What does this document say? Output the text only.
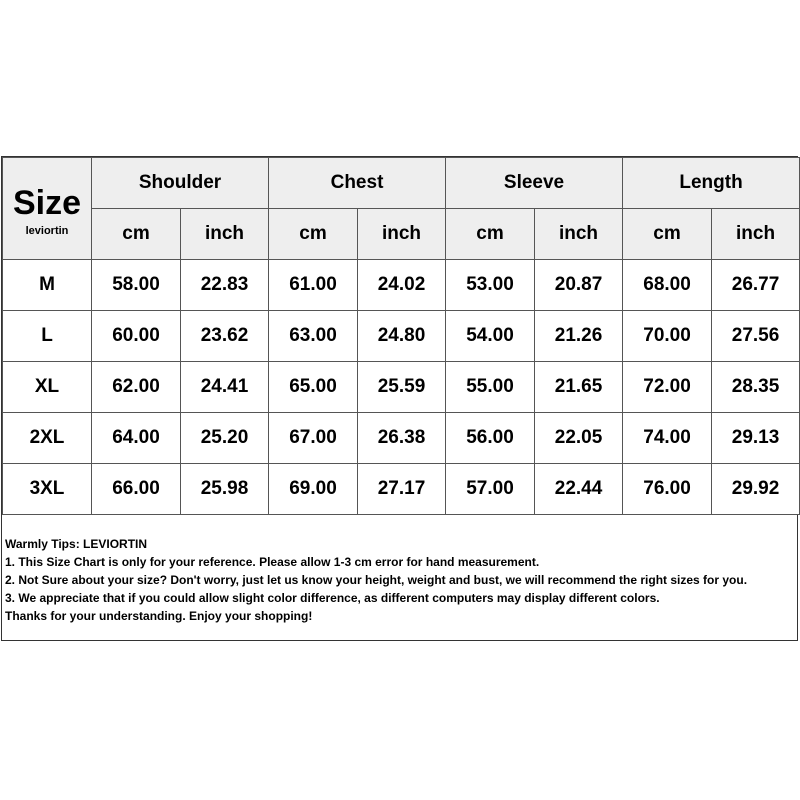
Size
leviortin	Shoulder		Chest		Sleeve		Length	
	cm	inch	cm	inch	cm	inch	cm	inch
M	58.00	22.83	61.00	24.02	53.00	20.87	68.00	26.77
L	60.00	23.62	63.00	24.80	54.00	21.26	70.00	27.56
XL	62.00	24.41	65.00	25.59	55.00	21.65	72.00	28.35
2XL	64.00	25.20	67.00	26.38	56.00	22.05	74.00	29.13
3XL	66.00	25.98	69.00	27.17	57.00	22.44	76.00	29.92
Warmly Tips: LEVIORTIN
1. This Size Chart is only for your reference. Please allow 1-3 cm error for hand measurement.
2. Not Sure about your size? Don't worry, just let us know your height, weight and bust, we will recommend the right sizes for you.
3. We appreciate that if you could allow slight color difference, as different computers may display different colors.
Thanks for your understanding. Enjoy your shopping!
